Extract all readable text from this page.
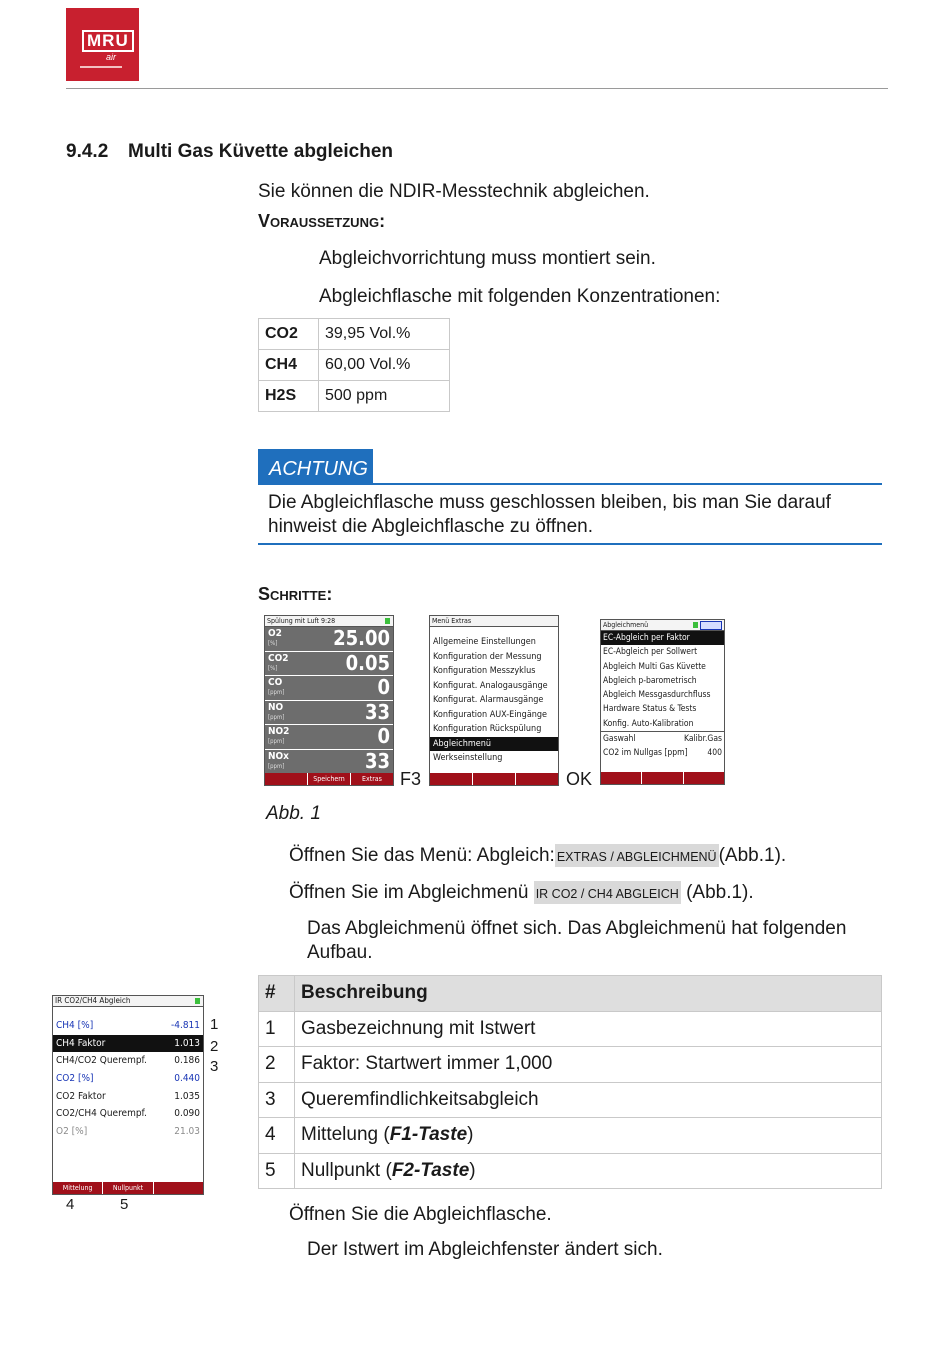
MRU
air
9.4.2 Multi Gas Küvette abgleichen
Sie können die NDIR-Messtechnik abgleichen.
Voraussetzung:
Abgleichvorrichtung muss montiert sein.
Abgleichflasche mit folgenden Konzentrationen:
CO2	39,95 Vol.%
CH4	60,00 Vol.%
H2S	500 ppm
ACHTUNG
Die Abgleichflasche muss geschlossen bleiben, bis man Sie darauf hinweist die Abgleichflasche zu öffnen.
Schritte:
Spülung mit Luft 9:28
O2
[%]	25.00
CO2
[%]	0.05
CO
[ppm]	0
NO
[ppm]	33
NO2
[ppm]	0
NOx
[ppm]	33
Speichern	Extras	F3
Menü Extras
Allgemeine Einstellungen
Konfiguration der Messung
Konfiguration Messzyklus
Konfigurat. Analogausgänge
Konfigurat. Alarmausgänge
Konfiguration AUX-Eingänge
Konfiguration Rückspülung
Abgleichmenü
Werkseinstellung
OK
Abgleichmenü
EC-Abgleich per Faktor
EC-Abgleich per Sollwert
Abgleich Multi Gas Küvette
Abgleich p-barometrisch
Abgleich Messgasdurchfluss
Hardware Status & Tests
Konfig. Auto-Kalibration
Gaswahl	Kalibr.Gas
CO2 im Nullgas [ppm] 400
Abb. 1
Öffnen Sie das Menü: Abgleich: EXTRAS / ABGLEICHMENÜ (Abb.1).
Öffnen Sie im Abgleichmenü IR CO2 / CH4 ABGLEICH (Abb.1).
Das Abgleichmenü öffnet sich. Das Abgleichmenü hat folgenden Aufbau.
IR CO2/CH4 Abgleich
CH4 [%]	-4.811
CH4 Faktor	1.013
CH4/CO2 Querempf.	0.186
CO2 [%]	0.440
CO2 Faktor	1.035
CO2/CH4 Querempf.	0.090
O2 [%]	21.03
Mittelung	Nullpunkt
1
2
3
4	5
#	Beschreibung
1	Gasbezeichnung mit Istwert
2	Faktor: Startwert immer 1,000
3	Queremfindlichkeitsabgleich
4	Mittelung (F1-Taste)
5	Nullpunkt (F2-Taste)
Öffnen Sie die Abgleichflasche.
Der Istwert im Abgleichfenster ändert sich.
